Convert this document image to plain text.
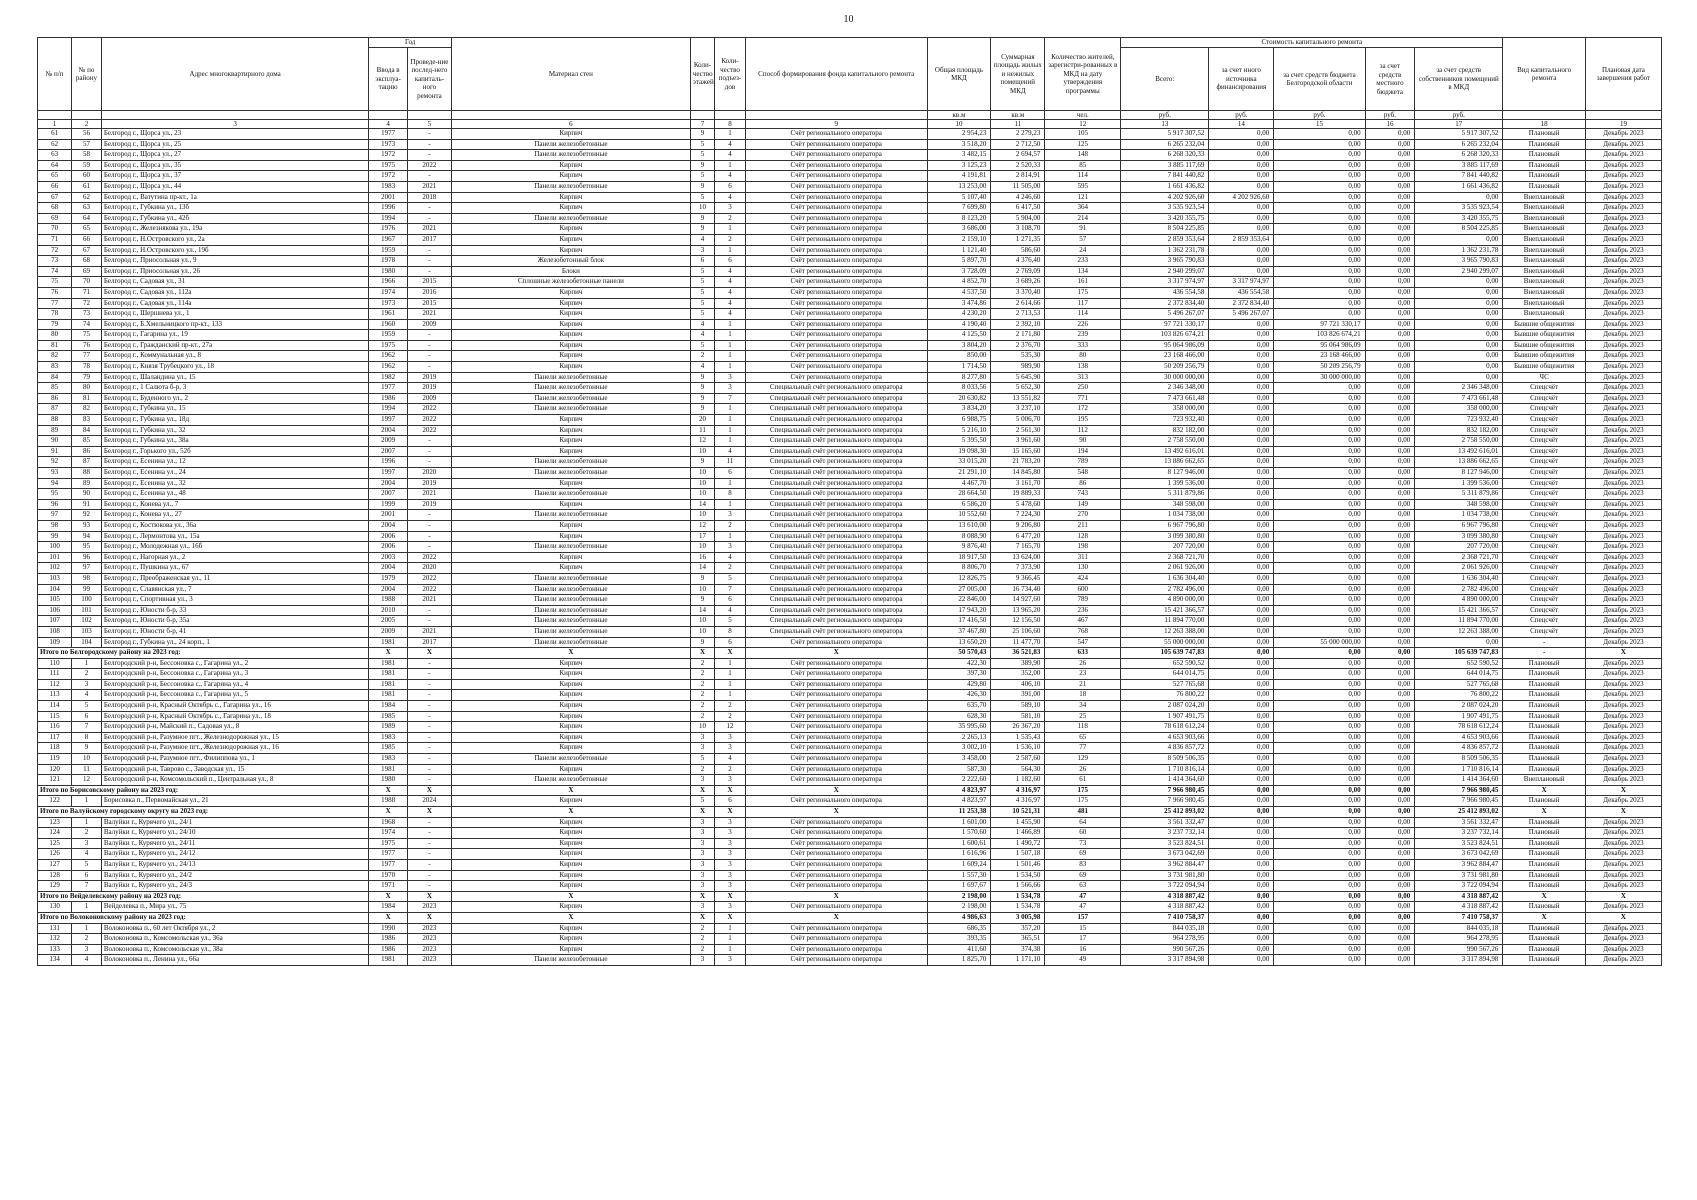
10
№ п/п	№ по району	Адрес многоквартирного дома	Год		Материал стен	Коли-чество этажей	Коли-чество подъез-дов	Способ формирования фонда капитального ремонта	Общая площадь МКД	Суммарная площадь жилых и нежилых помещений МКД	Количество жителей, зарегистри-рованных в МКД на дату утверждения программы	Стоимость капитального ремонта					Вид капитального ремонта	Плановая дата завершения работ
			Ввода в эксплуа-тацию	Проведе-ние послед-него капиталь-ного ремонта								Всего:	за счет иного источника финансирования	за счет средств бюджета Белгородской области	за счет средств местного бюджета	за счет средств собственников помещений в МКД		
									кв.м	кв.м	чел.	руб.	руб.	руб.	руб.	руб.		
1	2	3	4	5	6	7	8	9	10	11	12	13	14	15	16	17	18	19
61	56	Белгород г., Щорса ул., 23	1977	-	Кирпич	9	1	Счёт регионального оператора	2 954,23	2 279,23	105	5 917 307,52	0,00	0,00	0,00	5 917 307,52	Плановый	Декабрь 2023
62	57	Белгород г., Щорса ул., 25	1973	-	Панели железобетонные	5	4	Счёт регионального оператора	3 518,20	2 712,50	125	6 265 232,04	0,00	0,00	0,00	6 265 232,04	Плановый	Декабрь 2023
63	58	Белгород г., Щорса ул., 27	1972	-	Панели железобетонные	5	4	Счёт регионального оператора	3 482,15	2 694,57	148	6 268 320,33	0,00	0,00	0,00	6 268 320,33	Плановый	Декабрь 2023
64	59	Белгород г., Щорса ул., 35	1975	2022	Кирпич	9	1	Счёт регионального оператора	3 125,23	2 520,33	85	3 885 117,69	0,00	0,00	0,00	3 885 117,69	Плановый	Декабрь 2023
65	60	Белгород г., Щорса ул., 37	1972	-	Кирпич	5	4	Счёт регионального оператора	4 191,81	2 814,91	114	7 841 440,82	0,00	0,00	0,00	7 841 440,82	Плановый	Декабрь 2023
66	61	Белгород г., Щорса ул., 44	1983	2021	Панели железобетонные	9	6	Счёт регионального оператора	13 253,00	11 505,00	595	1 661 436,82	0,00	0,00	0,00	1 661 436,82	Плановый	Декабрь 2023
67	62	Белгород г., Ватутина пр-кт., 1а	2001	2018	Кирпич	5	4	Счёт регионального оператора	5 107,40	4 246,60	121	4 202 926,60	4 202 926,60	0,00	0,00	0,00	Внеплановый	Декабрь 2023
68	63	Белгород г., Губкина ул., 13б	1996	-	Кирпич	10	3	Счёт регионального оператора	7 699,80	6 417,50	364	3 535 923,54	0,00	0,00	0,00	3 535 923,54	Внеплановый	Декабрь 2023
69	64	Белгород г., Губкина ул., 42б	1994	-	Панели железобетонные	9	2	Счёт регионального оператора	8 123,20	5 904,00	214	3 420 355,75	0,00	0,00	0,00	3 420 355,75	Внеплановый	Декабрь 2023
70	65	Белгород г., Железнякова ул., 19а	1976	2021	Кирпич	9	1	Счёт регионального оператора	3 686,00	3 108,70	91	8 504 225,85	0,00	0,00	0,00	8 504 225,85	Внеплановый	Декабрь 2023
71	66	Белгород г., Н.Островского ул., 2а	1967	2017	Кирпич	4	2	Счёт регионального оператора	2 159,10	1 271,35	57	2 859 353,64	2 859 353,64	0,00	0,00	0,00	Внеплановый	Декабрь 2023
72	67	Белгород г., Н.Островского ул., 19б	1959	-	Кирпич	3	1	Счёт регионального оператора	1 121,40	586,60	24	1 362 231,78	0,00	0,00	0,00	1 362 231,78	Внеплановый	Декабрь 2023
73	68	Белгород г., Приосольная ул., 9	1978	-	Железобетонный блок	6	6	Счёт регионального оператора	5 897,70	4 376,40	233	3 965 790,83	0,00	0,00	0,00	3 965 790,83	Внеплановый	Декабрь 2023
74	69	Белгород г., Приосольная ул., 26	1980	-	Блоки	5	4	Счёт регионального оператора	3 728,09	2 769,09	134	2 940 299,07	0,00	0,00	0,00	2 940 299,07	Внеплановый	Декабрь 2023
75	70	Белгород г., Садовая ул., 31	1966	2015	Сплошные железобетонные панели	5	4	Счёт регионального оператора	4 852,70	3 689,26	161	3 317 974,97	3 317 974,97	0,00	0,00	0,00	Внеплановый	Декабрь 2023
76	71	Белгород г., Садовая ул., 112а	1974	2016	Кирпич	5	4	Счёт регионального оператора	4 537,50	3 370,40	175	436 554,58	436 554,58	0,00	0,00	0,00	Внеплановый	Декабрь 2023
77	72	Белгород г., Садовая ул., 114а	1973	2015	Кирпич	5	4	Счёт регионального оператора	3 474,86	2 614,66	117	2 372 834,40	2 372 834,40	0,00	0,00	0,00	Внеплановый	Декабрь 2023
78	73	Белгород г., Шершнева ул., 1	1961	2021	Кирпич	5	4	Счёт регионального оператора	4 230,20	2 713,53	114	5 496 267,07	5 496 267,07	0,00	0,00	0,00	Внеплановый	Декабрь 2023
79	74	Белгород г., Б.Хмельницкого пр-кт., 133	1960	2009	Кирпич	4	1	Счёт регионального оператора	4 190,40	2 392,10	226	97 721 330,17	0,00	97 721 330,17	0,00	0,00	Бывшие общежития	Декабрь 2023
80	75	Белгород г., Гагарина ул., 19	1959	-	Кирпич	4	1	Счёт регионального оператора	4 125,50	2 171,80	239	103 826 674,21	0,00	103 826 674,21	0,00	0,00	Бывшие общежития	Декабрь 2023
81	76	Белгород г., Гражданский пр-кт., 27а	1975	-	Кирпич	5	1	Счёт регионального оператора	3 804,20	2 376,70	333	95 064 986,09	0,00	95 064 986,09	0,00	0,00	Бывшие общежития	Декабрь 2023
82	77	Белгород г., Коммунальная ул., 8	1962	-	Кирпич	2	1	Счёт регионального оператора	850,00	535,30	80	23 168 466,00	0,00	23 168 466,00	0,00	0,00	Бывшие общежития	Декабрь 2023
83	78	Белгород г., Князя Трубецкого ул., 18	1962	-	Кирпич	4	1	Счёт регионального оператора	1 714,50	989,90	138	50 209 256,79	0,00	50 209 256,79	0,00	0,00	Бывшие общежития	Декабрь 2023
84	79	Белгород г., Шаландина ул., 15	1982	2019	Панели железобетонные	9	3	Счёт регионального оператора	8 277,80	5 645,90	313	30 000 000,00	0,00	30 000 000,00	0,00	0,00	ЧС	Декабрь 2023
85	80	Белгород г., 1 Салюта б-р, 3	1977	2019	Панели железобетонные	9	3	Специальный счёт регионального оператора	8 033,56	5 652,30	250	2 346 348,00	0,00	0,00	0,00	2 346 348,00	Спецсчёт	Декабрь 2023
86	81	Белгород г., Буденного ул., 2	1986	2009	Панели железобетонные	9	7	Специальный счёт регионального оператора	20 630,82	13 551,82	771	7 473 661,48	0,00	0,00	0,00	7 473 661,48	Спецсчёт	Декабрь 2023
87	82	Белгород г., Губкина ул., 15	1994	2022	Панели железобетонные	9	1	Специальный счёт регионального оператора	3 834,20	3 237,10	172	358 000,00	0,00	0,00	0,00	358 000,00	Спецсчёт	Декабрь 2023
88	83	Белгород г., Губкина ул., 18д	1997	2022	Кирпич	20	1	Специальный счёт регионального оператора	6 988,75	5 006,70	195	723 932,40	0,00	0,00	0,00	723 932,40	Спецсчёт	Декабрь 2023
89	84	Белгород г., Губкина ул., 32	2004	2022	Кирпич	11	1	Специальный счёт регионального оператора	5 216,10	2 561,30	112	832 182,00	0,00	0,00	0,00	832 182,00	Спецсчёт	Декабрь 2023
90	85	Белгород г., Губкина ул., 38а	2009	-	Кирпич	12	1	Специальный счёт регионального оператора	5 395,50	3 961,60	90	2 758 550,00	0,00	0,00	0,00	2 758 550,00	Спецсчёт	Декабрь 2023
91	86	Белгород г., Горького ул., 52б	2007	-	Кирпич	10	4	Специальный счёт регионального оператора	19 098,30	15 165,60	194	13 492 616,01	0,00	0,00	0,00	13 492 616,01	Спецсчёт	Декабрь 2023
92	87	Белгород г., Есенина ул., 12	1996	-	Панели железобетонные	9	11	Специальный счёт регионального оператора	33 015,20	21 783,20	789	13 886 662,65	0,00	0,00	0,00	13 886 662,65	Спецсчёт	Декабрь 2023
93	88	Белгород г., Есенина ул., 24	1997	2020	Панели железобетонные	10	6	Специальный счёт регионального оператора	21 291,10	14 845,80	548	8 127 946,00	0,00	0,00	0,00	8 127 946,00	Спецсчёт	Декабрь 2023
94	89	Белгород г., Есенина ул., 32	2004	2019	Кирпич	10	1	Специальный счёт регионального оператора	4 467,70	3 161,70	86	1 399 536,00	0,00	0,00	0,00	1 399 536,00	Спецсчёт	Декабрь 2023
95	90	Белгород г., Есенина ул., 48	2007	2021	Панели железобетонные	10	8	Специальный счёт регионального оператора	28 664,50	19 889,33	743	5 311 879,86	0,00	0,00	0,00	5 311 879,86	Спецсчёт	Декабрь 2023
96	91	Белгород г., Конева ул., 7	1999	2019	Кирпич	14	1	Специальный счёт регионального оператора	6 586,20	5 478,60	149	348 598,00	0,00	0,00	0,00	348 598,00	Спецсчёт	Декабрь 2023
97	92	Белгород г., Конева ул., 27	2001	-	Панели железобетонные	10	3	Специальный счёт регионального оператора	10 552,60	7 224,30	270	1 034 738,00	0,00	0,00	0,00	1 034 738,00	Спецсчёт	Декабрь 2023
98	93	Белгород г., Костюкова ул., 36а	2004	-	Кирпич	12	2	Специальный счёт регионального оператора	13 610,00	9 206,80	211	6 967 796,80	0,00	0,00	0,00	6 967 796,80	Спецсчёт	Декабрь 2023
99	94	Белгород г., Лермонтова ул., 15а	2006	-	Кирпич	17	1	Специальный счёт регионального оператора	8 088,90	6 477,20	128	3 099 380,80	0,00	0,00	0,00	3 099 380,80	Спецсчёт	Декабрь 2023
100	95	Белгород г., Молодежная ул., 16б	2006	-	Панели железобетонные	10	3	Специальный счёт регионального оператора	9 876,40	7 165,70	198	207 720,00	0,00	0,00	0,00	207 720,00	Спецсчёт	Декабрь 2023
101	96	Белгород г., Нагорная ул., 2	2003	2022	Кирпич	16	4	Специальный счёт регионального оператора	18 917,50	13 624,00	311	2 368 721,70	0,00	0,00	0,00	2 368 721,70	Спецсчёт	Декабрь 2023
102	97	Белгород г., Пушкина ул., 67	2004	2020	Кирпич	14	2	Специальный счёт регионального оператора	8 806,70	7 373,90	130	2 061 926,00	0,00	0,00	0,00	2 061 926,00	Спецсчёт	Декабрь 2023
103	98	Белгород г., Преображенская ул., 11	1979	2022	Панели железобетонные	9	5	Специальный счёт регионального оператора	12 826,75	9 366,45	424	1 636 304,40	0,00	0,00	0,00	1 636 304,40	Спецсчёт	Декабрь 2023
104	99	Белгород г., Славянская ул., 7	2004	2022	Панели железобетонные	10	7	Специальный счёт регионального оператора	27 005,00	16 734,40	600	2 782 496,00	0,00	0,00	0,00	2 782 496,00	Спецсчёт	Декабрь 2023
105	100	Белгород г., Спортивная ул., 3	1988	2021	Панели железобетонные	9	6	Специальный счёт регионального оператора	22 846,00	14 927,60	789	4 890 000,00	0,00	0,00	0,00	4 890 000,00	Спецсчёт	Декабрь 2023
106	101	Белгород г., Юности б-р, 33	2010	-	Панели железобетонные	14	4	Специальный счёт регионального оператора	17 943,20	13 965,20	236	15 421 366,57	0,00	0,00	0,00	15 421 366,57	Спецсчёт	Декабрь 2023
107	102	Белгород г., Юности б-р, 35а	2005	-	Панели железобетонные	10	5	Специальный счёт регионального оператора	17 416,50	12 156,50	467	11 894 770,00	0,00	0,00	0,00	11 894 770,00	Спецсчёт	Декабрь 2023
108	103	Белгород г., Юности б-р, 41	2009	2021	Панели железобетонные	10	8	Специальный счёт регионального оператора	37 467,80	25 106,60	768	12 263 388,00	0,00	0,00	0,00	12 263 388,00	Спецсчёт	Декабрь 2023
109	104	Белгород г., Губкина ул., 24 корп., 1	1981	2017	Панели железобетонные	9	6	Счёт регионального оператора	13 650,20	11 477,70	547	55 000 000,00	0,00	55 000 000,00	0,00	0,00	-	Декабрь 2023
Итого по Белгородскому району на 2023 год:			X	X	X	X	X	X	50 570,43	36 521,83	633	105 639 747,83	0,00	0,00	0,00	105 639 747,83	-	X
110	1	Белгородский р-н, Бессоновка с., Гагарина ул., 2	1981	-	Кирпич	2	1	Счёт регионального оператора	422,30	389,90	26	652 590,52	0,00	0,00	0,00	652 590,52	Плановый	Декабрь 2023
111	2	Белгородский р-н, Бессоновка с., Гагарина ул., 3	1981	-	Кирпич	2	1	Счёт регионального оператора	397,30	352,00	23	644 014,75	0,00	0,00	0,00	644 014,75	Плановый	Декабрь 2023
112	3	Белгородский р-н, Бессоновка с., Гагарина ул., 4	1981	-	Кирпич	2	1	Счёт регионального оператора	429,80	406,10	21	527 765,68	0,00	0,00	0,00	527 765,68	Плановый	Декабрь 2023
113	4	Белгородский р-н, Бессоновка с., Гагарина ул., 5	1981	-	Кирпич	2	1	Счёт регионального оператора	426,30	391,00	18	76 800,22	0,00	0,00	0,00	76 800,22	Плановый	Декабрь 2023
114	5	Белгородский р-н, Красный Октябрь с., Гагарина ул., 16	1984	-	Кирпич	2	2	Счёт регионального оператора	635,70	589,10	34	2 087 024,20	0,00	0,00	0,00	2 087 024,20	Плановый	Декабрь 2023
115	6	Белгородский р-н, Красный Октябрь с., Гагарина ул., 18	1985	-	Кирпич	2	2	Счёт регионального оператора	628,30	581,10	25	1 907 491,75	0,00	0,00	0,00	1 907 491,75	Плановый	Декабрь 2023
116	7	Белгородский р-н, Майский п., Садовая ул., 8	1989	-	Кирпич	10	12	Счёт регионального оператора	35 995,60	26 367,20	118	78 618 612,24	0,00	0,00	0,00	78 618 612,24	Плановый	Декабрь 2023
117	8	Белгородский р-н, Разумное пгт., Железнодорожная ул., 15	1983	-	Кирпич	3	3	Счёт регионального оператора	2 265,13	1 535,43	65	4 653 903,66	0,00	0,00	0,00	4 653 903,66	Плановый	Декабрь 2023
118	9	Белгородский р-н, Разумное пгт., Железнодорожная ул., 16	1985	-	Кирпич	3	3	Счёт регионального оператора	3 002,10	1 536,10	77	4 836 857,72	0,00	0,00	0,00	4 836 857,72	Плановый	Декабрь 2023
119	10	Белгородский р-н, Разумное пгт., Филиппова ул., 1	1983	-	Панели железобетонные	5	4	Счёт регионального оператора	3 458,00	2 587,60	129	8 509 506,35	0,00	0,00	0,00	8 509 506,35	Плановый	Декабрь 2023
120	11	Белгородский р-н, Таврово с., Заводская ул., 15	1981	-	Кирпич	2	2	Счёт регионального оператора	587,30	564,30	26	1 710 816,14	0,00	0,00	0,00	1 710 816,14	Плановый	Декабрь 2023
121	12	Белгородский р-н, Комсомольский п., Центральная ул., 8	1980	-	Панели железобетонные	3	3	Счёт регионального оператора	2 222,60	1 182,60	61	1 414 364,60	0,00	0,00	0,00	1 414 364,60	Внеплановый	Декабрь 2023
Итого по Борисовскому району на 2023 год:			X	X	X	X	X	X	4 823,97	4 316,97	175	7 966 980,45	0,00	0,00	0,00	7 966 980,45	X	X
122	1	Борисовка п., Первомайская ул., 21	1988	2024	Кирпич	5	6	Счёт регионального оператора	4 823,97	4 316,97	175	7 966 980,45	0,00	0,00	0,00	7 966 980,45	Плановый	Декабрь 2023
Итого по Валуйскому городскому округу на 2023 год:			X	X	X	X	X	X	11 253,38	10 521,31	481	25 412 893,02	0,00	0,00	0,00	25 412 893,02	X	X
123	1	Валуйки г., Курячего ул., 24/1	1968	-	Кирпич	3	3	Счёт регионального оператора	1 601,00	1 455,90	64	3 561 332,47	0,00	0,00	0,00	3 561 332,47	Плановый	Декабрь 2023
124	2	Валуйки г., Курячего ул., 24/10	1974	-	Кирпич	3	3	Счёт регионального оператора	1 570,60	1 466,89	60	3 237 732,14	0,00	0,00	0,00	3 237 732,14	Плановый	Декабрь 2023
125	3	Валуйки г., Курячего ул., 24/11	1975	-	Кирпич	3	3	Счёт регионального оператора	1 600,61	1 490,72	73	3 523 824,51	0,00	0,00	0,00	3 523 824,51	Плановый	Декабрь 2023
126	4	Валуйки г., Курячего ул., 24/12	1977	-	Кирпич	3	3	Счёт регионального оператора	1 616,96	1 507,18	69	3 673 042,69	0,00	0,00	0,00	3 673 042,69	Плановый	Декабрь 2023
127	5	Валуйки г., Курячего ул., 24/13	1977	-	Кирпич	3	3	Счёт регионального оператора	1 609,24	1 501,46	83	3 962 884,47	0,00	0,00	0,00	3 962 884,47	Плановый	Декабрь 2023
128	6	Валуйки г., Курячего ул., 24/2	1970	-	Кирпич	3	3	Счёт регионального оператора	1 557,30	1 534,50	69	3 731 981,80	0,00	0,00	0,00	3 731 981,80	Плановый	Декабрь 2023
129	7	Валуйки г., Курячего ул., 24/3	1971	-	Кирпич	3	3	Счёт регионального оператора	1 697,67	1 566,66	63	3 722 094,94	0,00	0,00	0,00	3 722 094,94	Плановый	Декабрь 2023
Итого по Вейделевскому району на 2023 год:			X	X	X	X	X	X	2 198,00	1 534,78	47	4 318 887,42	0,00	0,00	0,00	4 318 887,42	X	X
130	1	Вейделевка п., Мира ул., 75	1984	2023	Кирпич	3	3	Счёт регионального оператора	2 198,00	1 534,78	47	4 318 887,42	0,00	0,00	0,00	4 318 887,42	Плановый	Декабрь 2023
Итого по Волоконовскому району на 2023 год:			X	X	X	X	X	X	4 986,63	3 005,98	157	7 410 758,37	0,00	0,00	0,00	7 410 758,37	X	X
131	1	Волоконовка п., 60 лет Октября ул., 2	1990	2023	Кирпич	2	1	Счёт регионального оператора	686,35	357,20	15	844 035,18	0,00	0,00	0,00	844 035,18	Плановый	Декабрь 2023
132	2	Волоконовка п., Комсомольская ул., 36а	1986	2023	Кирпич	2	1	Счёт регионального оператора	393,35	365,51	17	964 278,95	0,00	0,00	0,00	964 278,95	Плановый	Декабрь 2023
133	3	Волоконовка п., Комсомольская ул., 38а	1986	2023	Кирпич	2	1	Счёт регионального оператора	411,60	374,38	16	990 567,26	0,00	0,00	0,00	990 567,26	Плановый	Декабрь 2023
134	4	Волоконовка п., Ленина ул., 66а	1981	2023	Панели железобетонные	3	3	Счёт регионального оператора	1 825,70	1 171,10	49	3 317 894,98	0,00	0,00	0,00	3 317 894,98	Плановый	Декабрь 2023
